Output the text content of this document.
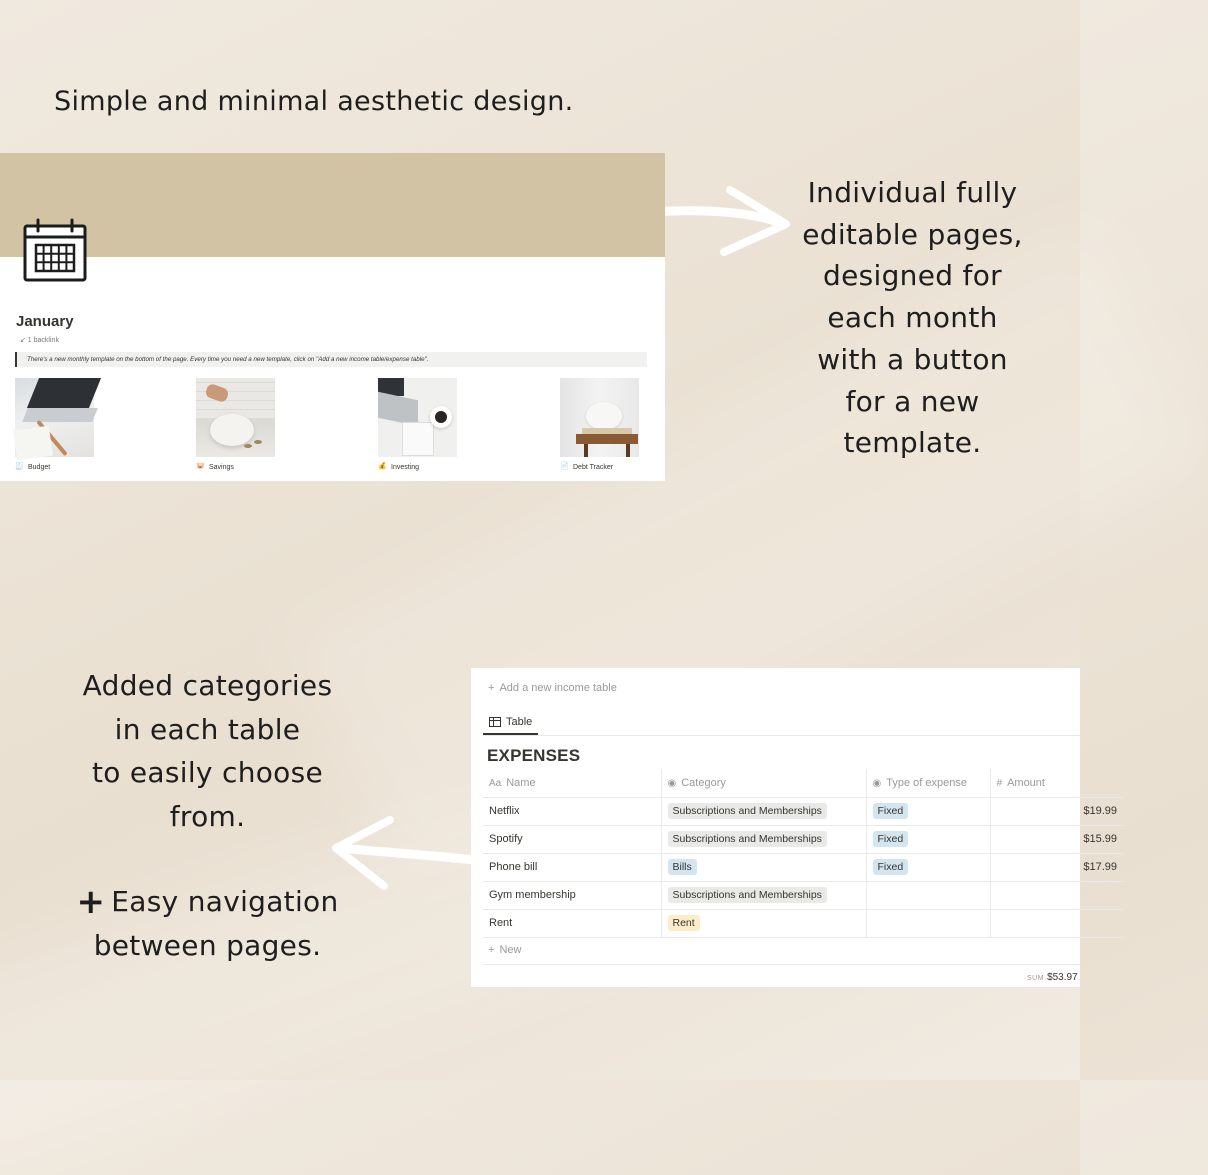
Simple and minimal aesthetic design.
Individual fully
editable pages,
designed for
each month
with a button
for a new
template.
Added categories
in each table
to easily choose
from.
+ Easy navigation
between pages.
January
↙ 1 backlink
There's a new monthly template on the bottom of the page. Every time you need a new template, click on "Add a new income table/expense table".
🧾 Budget	🐷 Savings	💰 Investing	📄 Debt Tracker
+ Add a new income table
Table
EXPENSES
Aa Name	◉ Category	◉ Type of expense	# Amount
Netflix	Subscriptions and Memberships	Fixed	$19.99
Spotify	Subscriptions and Memberships	Fixed	$15.99
Phone bill	Bills	Fixed	$17.99
Gym membership	Subscriptions and Memberships		
Rent	Rent		
+ New
SUM $53.97
